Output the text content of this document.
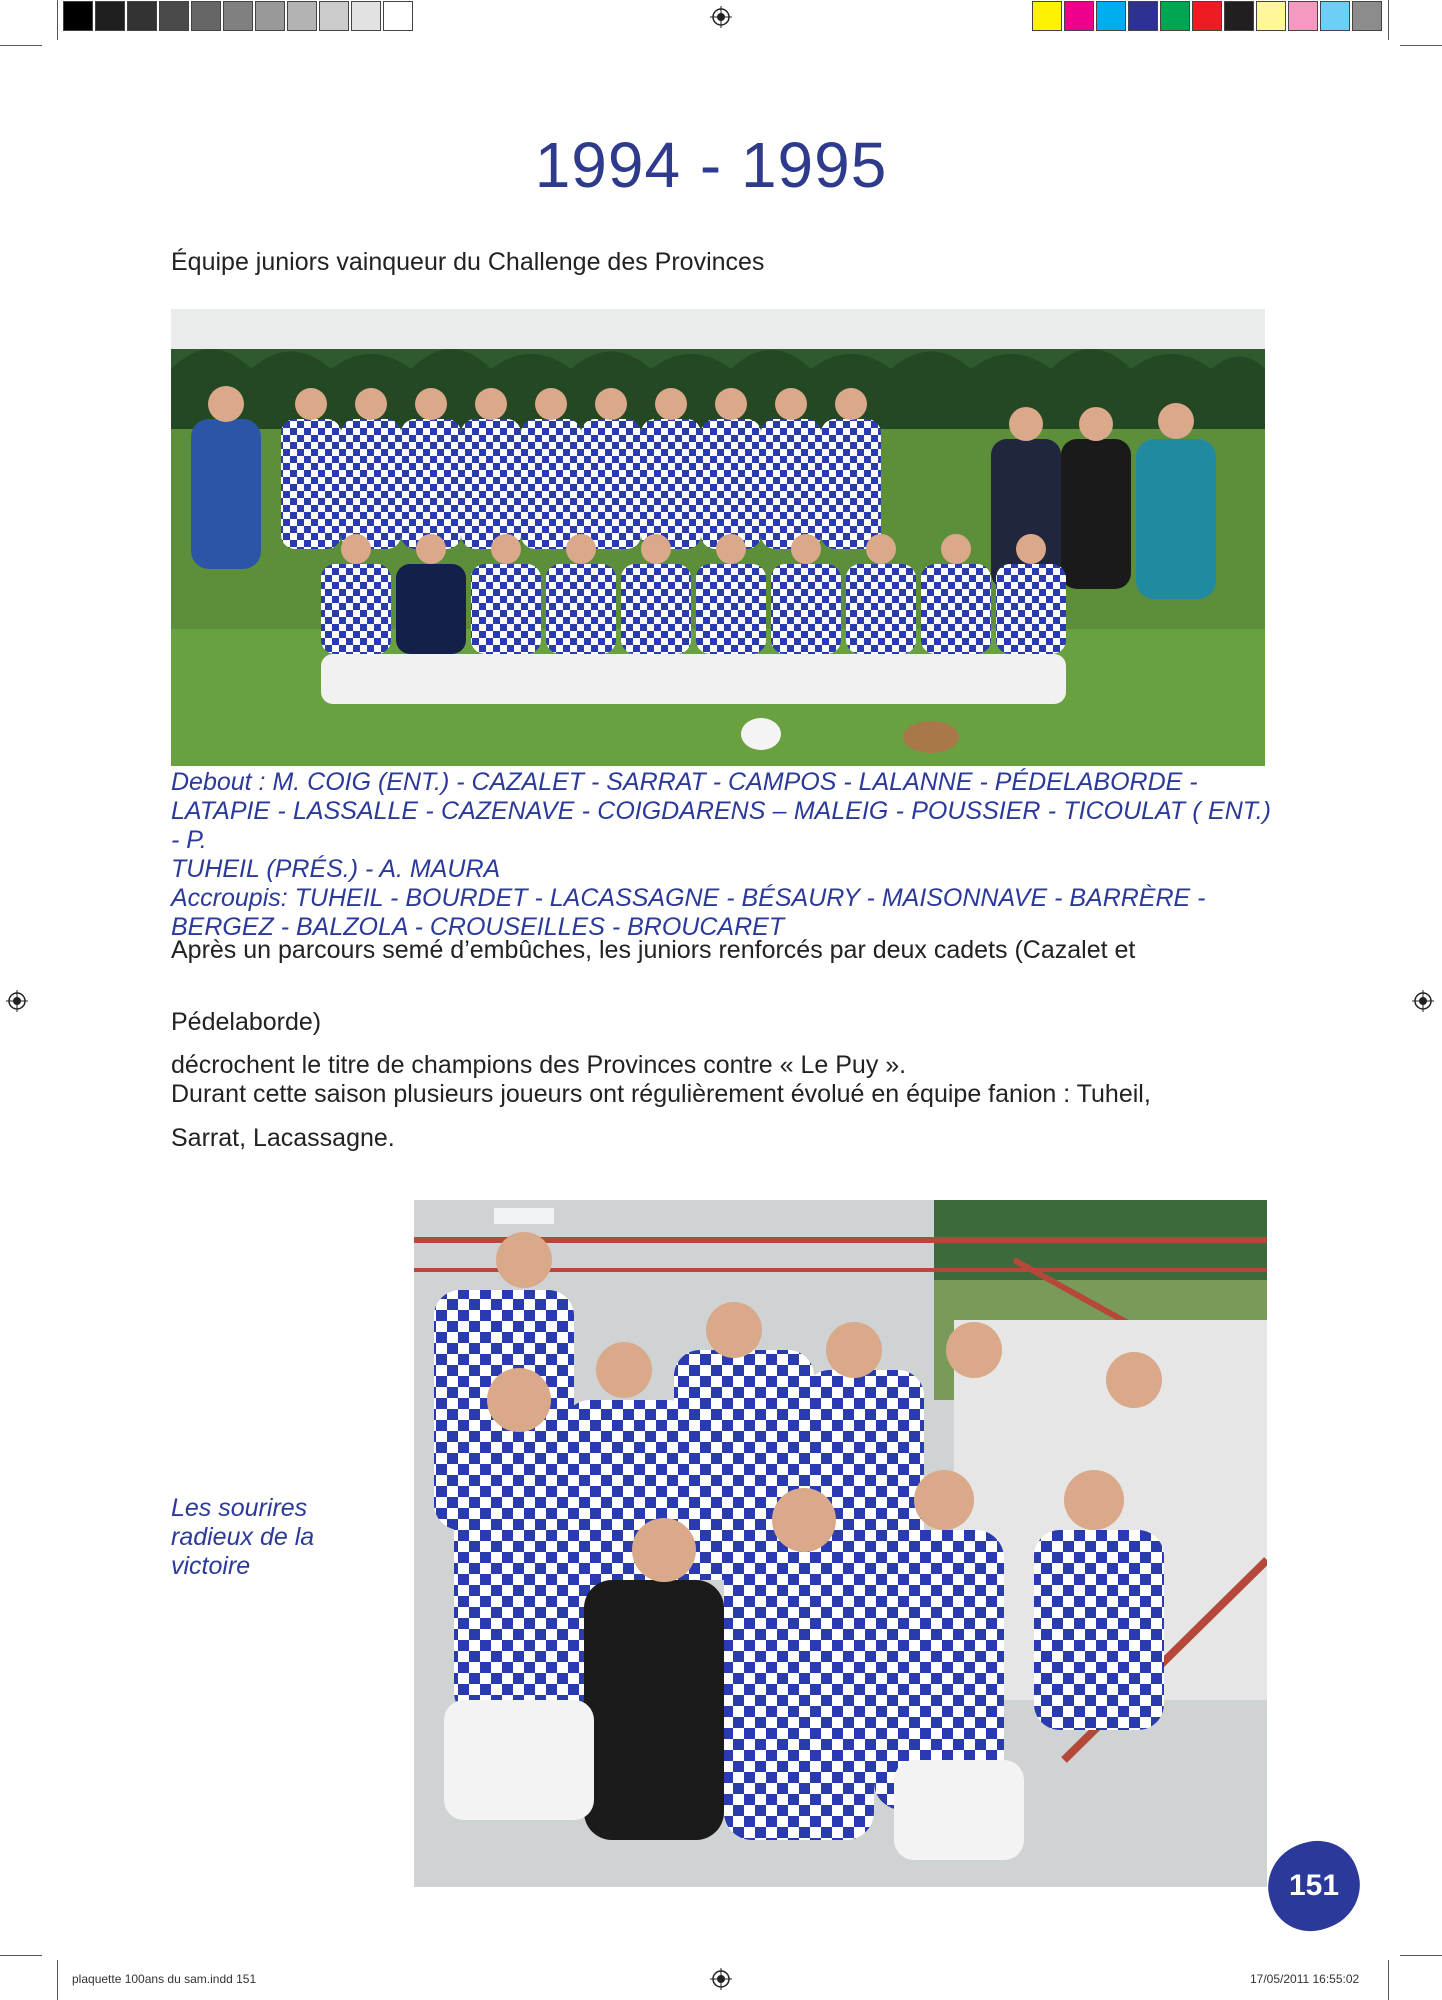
1994 - 1995
Équipe juniors vainqueur du Challenge des Provinces
Debout : M. COIG (ENT.) - CAZALET - SARRAT - CAMPOS - LALANNE - PÉDELABORDE -
LATAPIE - LASSALLE - CAZENAVE - COIGDARENS – MALEIG - POUSSIER - TICOULAT ( ENT.) - P.
TUHEIL (PRÉS.) - A. MAURA
Accroupis: TUHEIL - BOURDET - LACASSAGNE - BÉSAURY - MAISONNAVE - BARRÈRE -
BERGEZ - BALZOLA - CROUSEILLES - BROUCARET
Après un parcours semé d’embûches, les juniors renforcés par deux cadets (Cazalet et
Pédelaborde)
décrochent le titre de champions des Provinces contre « Le Puy ».
Durant cette saison plusieurs joueurs ont régulièrement évolué en équipe fanion : Tuheil,
Sarrat, Lacassagne.
Les sourires radieux de la victoire
151
plaquette 100ans du sam.indd 151	17/05/2011 16:55:02
